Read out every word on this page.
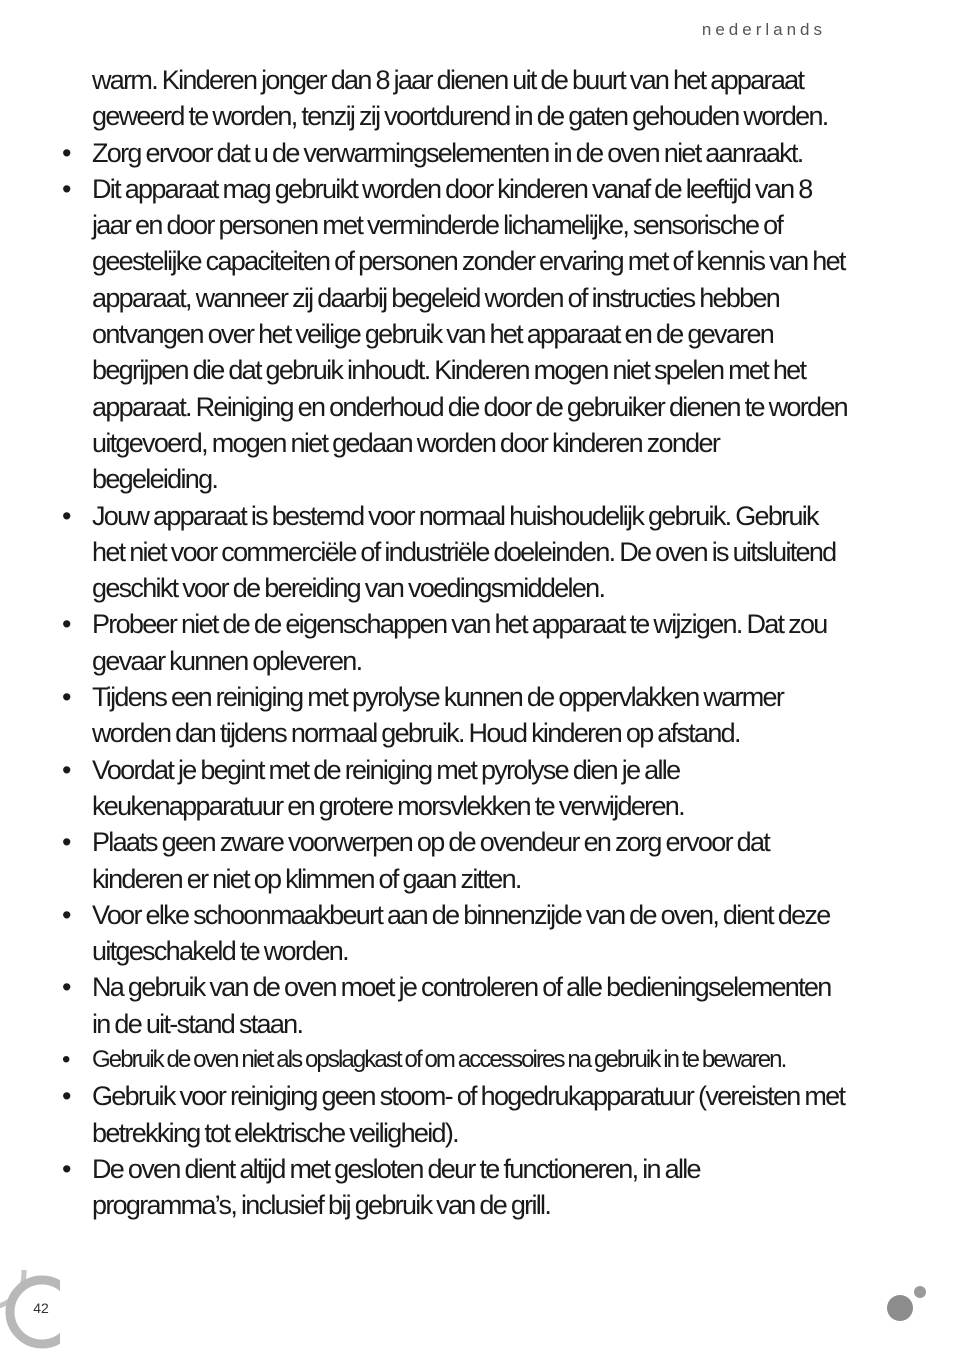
nederlands

warm. Kinderen jonger dan 8 jaar dienen uit de buurt van het apparaat geweerd te worden, tenzij zij voortdurend in de gaten gehouden worden.

• Zorg ervoor dat u de verwarmingselementen in de oven niet aanraakt.

• Dit apparaat mag gebruikt worden door kinderen vanaf de leeftijd van 8 jaar en door personen met verminderde lichamelijke, sensorische of geestelijke capaciteiten of personen zonder ervaring met of kennis van het apparaat, wanneer zij daarbij begeleid worden of instructies hebben ontvangen over het veilige gebruik van het apparaat en de gevaren begrijpen die dat gebruik inhoudt. Kinderen mogen niet spelen met het apparaat. Reiniging en onderhoud die door de gebruiker dienen te worden uitgevoerd, mogen niet gedaan worden door kinderen zonder begeleiding.

• Jouw apparaat is bestemd voor normaal huishoudelijk gebruik. Gebruik het niet voor commerciële of industriële doeleinden. De oven is uitsluitend geschikt voor de bereiding van voedingsmiddelen.

• Probeer niet de de eigenschappen van het apparaat te wijzigen. Dat zou gevaar kunnen opleveren.

• Tijdens een reiniging met pyrolyse kunnen de oppervlakken warmer worden dan tijdens normaal gebruik. Houd kinderen op afstand.

• Voordat je begint met de reiniging met pyrolyse dien je alle keukenapparatuur en grotere morsvlekken te verwijderen.

• Plaats geen zware voorwerpen op de ovendeur en zorg ervoor dat kinderen er niet op klimmen of gaan zitten.

• Voor elke schoonmaakbeurt aan de binnenzijde van de oven, dient deze uitgeschakeld te worden.

• Na gebruik van de oven moet je controleren of alle bedieningselementen in de uit-stand staan.

• Gebruik de oven niet als opslagkast of om accessoires na gebruik in te bewaren.

• Gebruik voor reiniging geen stoom- of hogedrukapparatuur (vereisten met betrekking tot elektrische veiligheid).

• De oven dient altijd met gesloten deur te functioneren, in alle programma’s, inclusief bij gebruik van de grill.

42
